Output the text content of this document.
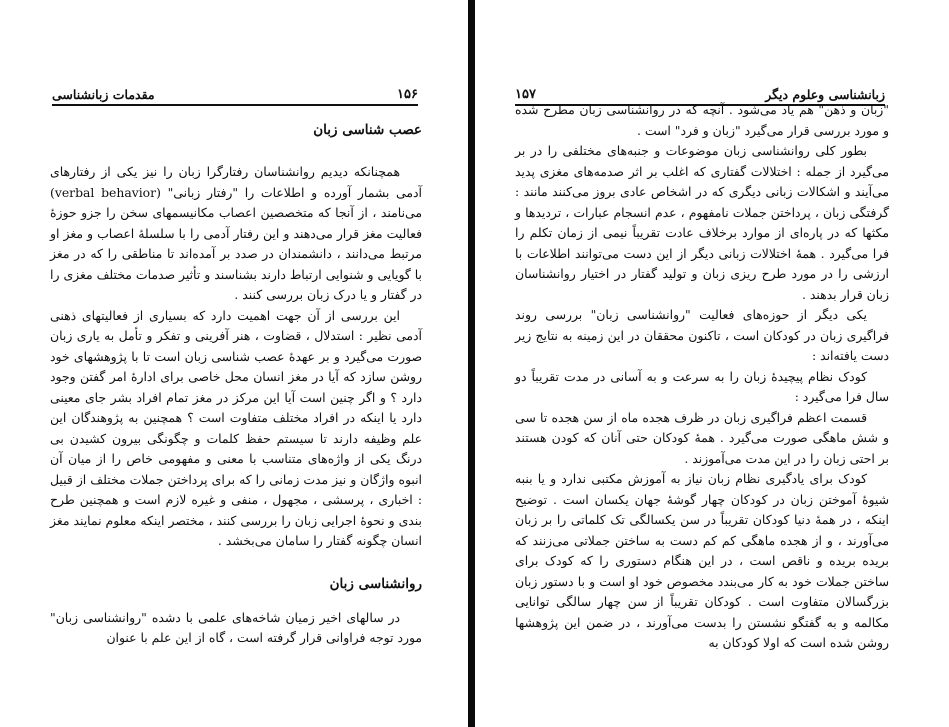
۱۵۶
مقدمات زبانشناسی
عصب شناسی زبان

همچنانکه دیدیم روانشناسان رفتارگرا زبان را نیز یکی از رفتارهای آدمی بشمار آورده و اطلاعات را "رفتار زبانی" (verbal behavior) می‌نامند ، از آنجا که متخصصین اعصاب مکانیسمهای سخن را جزو حوزهٔ فعالیت مغز قرار می‌دهند و این رفتار آدمی را با سلسلهٔ اعصاب و مغز او مرتبط می‌دانند ، دانشمندان در صدد بر آمده‌اند تا مناطقی را که در مغز با گویایی و شنوایی ارتباط دارند بشناسند و تأثیر صدمات مختلف مغزی را در گفتار و یا درک زبان بررسی کنند .

این بررسی از آن جهت اهمیت دارد که بسیاری از فعالیتهای ذهنی آدمی نظیر : استدلال ، قضاوت ، هنر آفرینی و تفکر و تأمل به یاری زبان صورت می‌گیرد و بر عهدهٔ عصب شناسی زبان است تا با پژوهشهای خود روشن سازد که آیا در مغز انسان محل خاصی برای ادارهٔ امر گفتن وجود دارد ؟ و اگر چنین است آیا این مرکز در مغز تمام افراد بشر جای معینی دارد یا اینکه در افراد مختلف متفاوت است ؟ همچنین به پژوهندگان این علم وظیفه دارند تا سیستم حفظ کلمات و چگونگی بیرون کشیدن بی درنگ یکی از واژه‌های متناسب با معنی و مفهومی خاص را از میان آن انبوه واژگان و نیز مدت زمانی را که برای پرداختن جملات مختلف از قبیل : اخباری ، پرسشی ، مجهول ، منفی و غیره لازم است و همچنین طرح بندی و نحوهٔ اجرایی زبان را بررسی کنند ، مختصر اینکه معلوم نمایند مغز انسان چگونه گفتار را سامان می‌بخشد .

روانشناسی زبان

در سالهای اخیر زمیان شاخه‌های علمی با دشده "روانشناسی زبان" مورد توجه فراوانی قرار گرفته است ، گاه از این علم با عنوان

زبانشناسی وعلوم دیگر
۱۵۷

"زبان و ذهن" هم یاد می‌شود . آنچه که در روانشناسی زبان مطرح شده و مورد بررسی قرار می‌گیرد "زبان و فرد" است .

بطور کلی روانشناسی زبان موضوعات و جنبه‌های مختلفی را در بر می‌گیرد از جمله : اختلالات گفتاری که اغلب بر اثر صدمه‌های مغزی پدید می‌آیند و اشکالات زبانی دیگری که در اشخاص عادی بروز می‌کنند مانند : گرفتگی زبان ، پرداختن جملات نامفهوم ، عدم انسجام عبارات ، تردیدها و مکثها که در پاره‌ای از موارد برخلاف عادت تقریباً نیمی از زمان تکلم را فرا می‌گیرد . همهٔ اختلالات زبانی دیگر از این دست می‌توانند اطلاعات با ارزشی را در مورد طرح ریزی زبان و تولید گفتار در اختیار روانشناسان زبان قرار بدهند .

یکی دیگر از حوزه‌های فعالیت "روانشناسی زبان" بررسی روند فراگیری زبان در کودکان است ، تاکنون محققان در این زمینه به نتایج زیر دست یافته‌اند :

کودک نظام پیچیدهٔ زبان را به سرعت و به آسانی در مدت تقریباً دو سال فرا می‌گیرد :

قسمت اعظم فراگیری زبان در ظرف هجده ماه از سن هجده تا سی و شش ماهگی صورت می‌گیرد . همهٔ کودکان حتی آنان که کودن هستند بر احتی زبان را در این مدت می‌آموزند .

کودک برای یادگیری نظام زبان نیاز به آموزش مکتبی ندارد و یا بنبه شیوهٔ آموختن زبان در کودکان چهار گوشهٔ جهان یکسان است . توضیح اینکه ، در همهٔ دنیا کودکان تقریباً در سن یکسالگی تک کلماتی را بر زبان می‌آورند ، و از هجده ماهگی کم کم دست به ساختن جملاتی می‌زنند که بریده بریده و ناقص است ، در این هنگام دستوری را که کودک برای ساختن جملات خود به کار می‌بندد مخصوص خود او است و با دستور زبان بزرگسالان متفاوت است . کودکان تقریباً از سن چهار سالگی توانایی مکالمه و به گفتگو نشستن را بدست می‌آورند ، در ضمن این پژوهشها روشن شده است که اولا کودکان به
